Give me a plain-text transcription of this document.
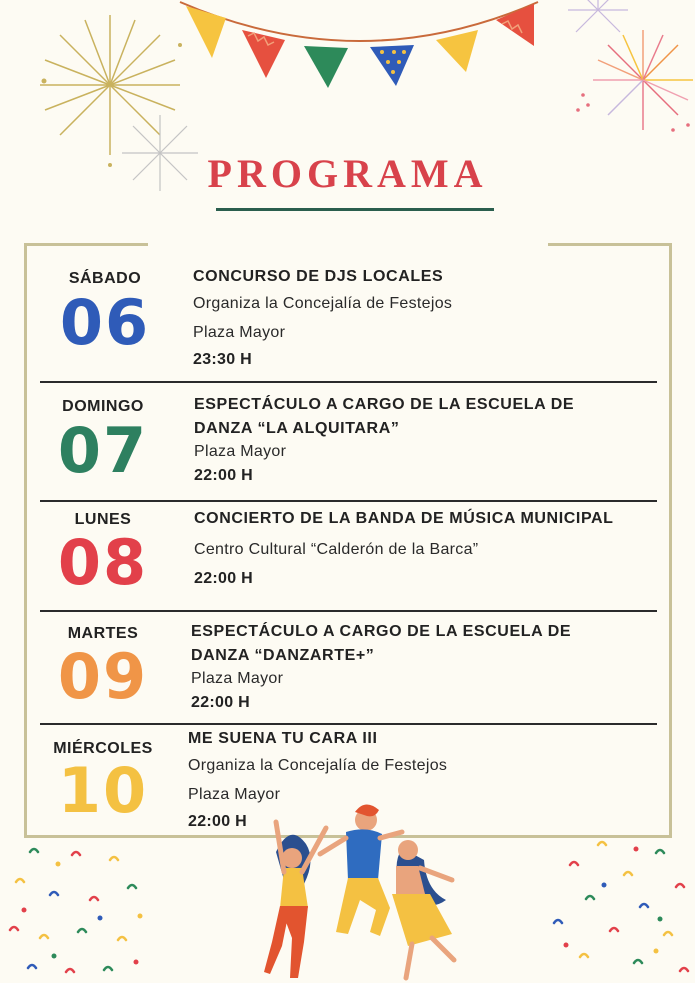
PROGRAMA
SÁBADO
06
CONCURSO DE DJS LOCALES
Organiza la Concejalía de Festejos
Plaza Mayor
23:30 H
DOMINGO
07
ESPECTÁCULO A CARGO DE LA ESCUELA DE
DANZA “LA ALQUITARA”
Plaza Mayor
22:00 H
LUNES
08
CONCIERTO DE LA BANDA DE MÚSICA MUNICIPAL
Centro Cultural “Calderón de la Barca”
22:00 H
MARTES
09
ESPECTÁCULO A CARGO DE LA ESCUELA DE
DANZA “DANZARTE+”
Plaza Mayor
22:00 H
MIÉRCOLES
10
ME SUENA TU CARA III
Organiza la Concejalía de Festejos
Plaza Mayor
22:00 H
